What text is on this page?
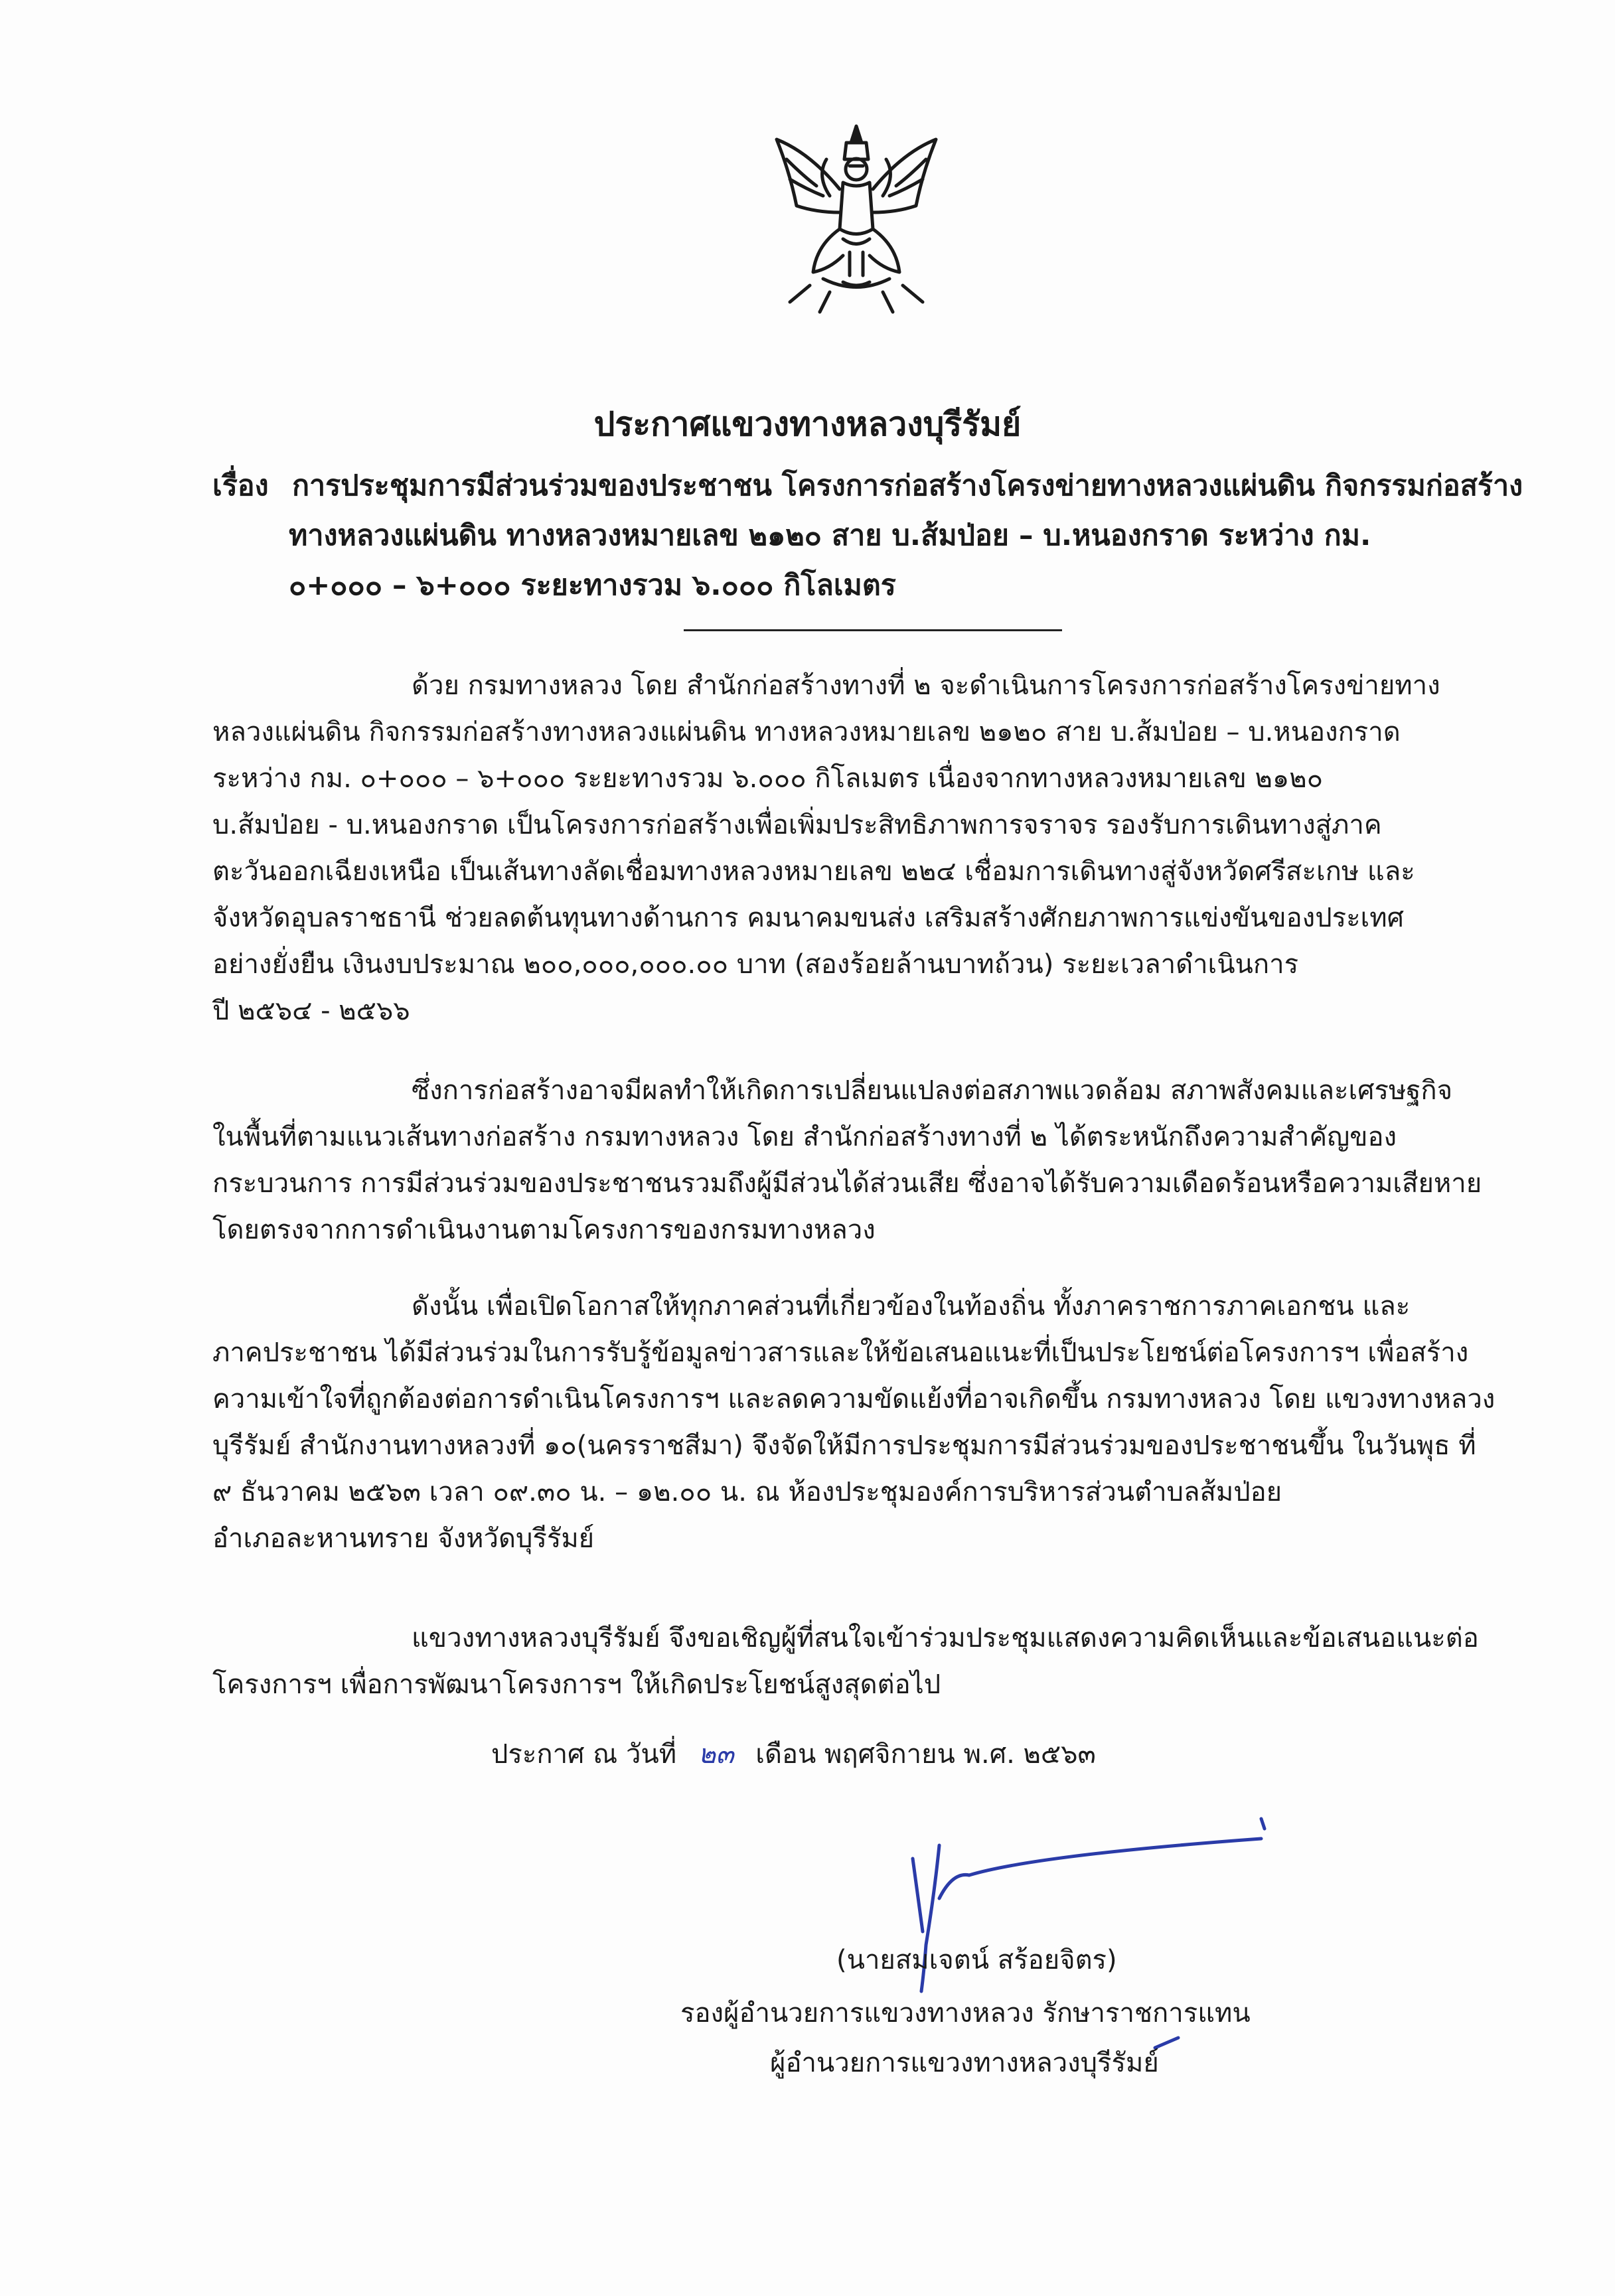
ประกาศแขวงทางหลวงบุรีรัมย์
เรื่อง การประชุมการมีส่วนร่วมของประชาชน โครงการก่อสร้างโครงข่ายทางหลวงแผ่นดิน กิจกรรมก่อสร้าง
ทางหลวงแผ่นดิน ทางหลวงหมายเลข ๒๑๒๐ สาย บ.ส้มป่อย – บ.หนองกราด ระหว่าง กม.
๐+๐๐๐ – ๖+๐๐๐ ระยะทางรวม ๖.๐๐๐ กิโลเมตร
ด้วย กรมทางหลวง โดย สำนักก่อสร้างทางที่ ๒ จะดำเนินการโครงการก่อสร้างโครงข่ายทาง
หลวงแผ่นดิน กิจกรรมก่อสร้างทางหลวงแผ่นดิน ทางหลวงหมายเลข ๒๑๒๐ สาย บ.ส้มป่อย – บ.หนองกราด
ระหว่าง กม. ๐+๐๐๐ – ๖+๐๐๐ ระยะทางรวม ๖.๐๐๐ กิโลเมตร เนื่องจากทางหลวงหมายเลข ๒๑๒๐
บ.ส้มป่อย - บ.หนองกราด เป็นโครงการก่อสร้างเพื่อเพิ่มประสิทธิภาพการจราจร รองรับการเดินทางสู่ภาค
ตะวันออกเฉียงเหนือ เป็นเส้นทางลัดเชื่อมทางหลวงหมายเลข ๒๒๔ เชื่อมการเดินทางสู่จังหวัดศรีสะเกษ และ
จังหวัดอุบลราชธานี ช่วยลดต้นทุนทางด้านการ คมนาคมขนส่ง เสริมสร้างศักยภาพการแข่งขันของประเทศ
อย่างยั่งยืน เงินงบประมาณ ๒๐๐,๐๐๐,๐๐๐.๐๐ บาท (สองร้อยล้านบาทถ้วน) ระยะเวลาดำเนินการ
ปี ๒๕๖๔ - ๒๕๖๖
ซึ่งการก่อสร้างอาจมีผลทำให้เกิดการเปลี่ยนแปลงต่อสภาพแวดล้อม สภาพสังคมและเศรษฐกิจ
ในพื้นที่ตามแนวเส้นทางก่อสร้าง กรมทางหลวง โดย สำนักก่อสร้างทางที่ ๒ ได้ตระหนักถึงความสำคัญของ
กระบวนการ การมีส่วนร่วมของประชาชนรวมถึงผู้มีส่วนได้ส่วนเสีย ซึ่งอาจได้รับความเดือดร้อนหรือความเสียหาย
โดยตรงจากการดำเนินงานตามโครงการของกรมทางหลวง
ดังนั้น เพื่อเปิดโอกาสให้ทุกภาคส่วนที่เกี่ยวข้องในท้องถิ่น ทั้งภาคราชการภาคเอกชน และ
ภาคประชาชน ได้มีส่วนร่วมในการรับรู้ข้อมูลข่าวสารและให้ข้อเสนอแนะที่เป็นประโยชน์ต่อโครงการฯ เพื่อสร้าง
ความเข้าใจที่ถูกต้องต่อการดำเนินโครงการฯ และลดความขัดแย้งที่อาจเกิดขึ้น กรมทางหลวง โดย แขวงทางหลวง
บุรีรัมย์ สำนักงานทางหลวงที่ ๑๐(นครราชสีมา) จึงจัดให้มีการประชุมการมีส่วนร่วมของประชาชนขึ้น ในวันพุธ ที่
๙ ธันวาคม ๒๕๖๓ เวลา ๐๙.๓๐ น. – ๑๒.๐๐ น. ณ ห้องประชุมองค์การบริหารส่วนตำบลส้มป่อย
อำเภอละหานทราย จังหวัดบุรีรัมย์
แขวงทางหลวงบุรีรัมย์ จึงขอเชิญผู้ที่สนใจเข้าร่วมประชุมแสดงความคิดเห็นและข้อเสนอแนะต่อ
โครงการฯ เพื่อการพัฒนาโครงการฯ ให้เกิดประโยชน์สูงสุดต่อไป
ประกาศ ณ วันที่ ๒๓ เดือน พฤศจิกายน พ.ศ. ๒๕๖๓
(นายสมเจตน์ สร้อยจิตร)
รองผู้อำนวยการแขวงทางหลวง รักษาราชการแทน
ผู้อำนวยการแขวงทางหลวงบุรีรัมย์
